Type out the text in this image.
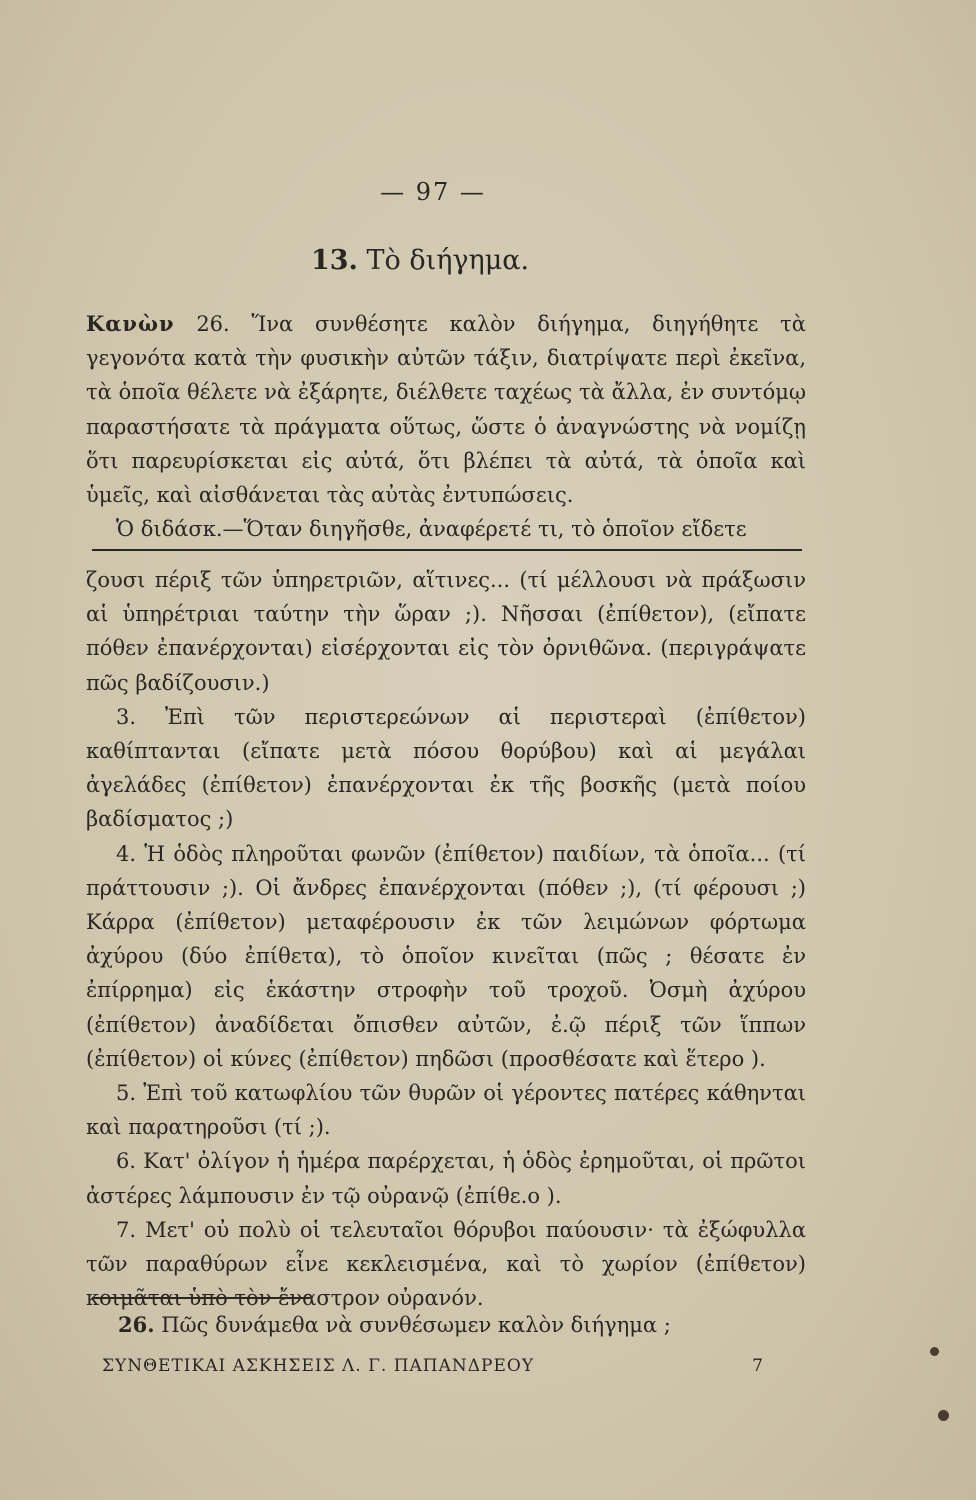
— 97 —
13. Τὸ διήγημα.

Κανὼν 26. Ἵνα συνθέσητε καλὸν διήγημα, διηγήθητε τὰ γεγονότα κατὰ τὴν φυσικὴν αὐτῶν τάξιν, διατρίψατε περὶ ἐκεῖνα, τὰ ὁποῖα θέλετε νὰ ἐξάρητε, διέλθετε ταχέως τὰ ἄλλα, ἐν συντόμῳ παραστήσατε τὰ πράγματα οὕτως, ὥστε ὁ ἀναγνώστης νὰ νομίζῃ ὅτι παρευρίσκεται εἰς αὐτά, ὅτι βλέπει τὰ αὐτά, τὰ ὁποῖα καὶ ὑμεῖς, καὶ αἰσθάνεται τὰς αὐτὰς ἐντυπώσεις.

Ὁ διδάσκ.—Ὅταν διηγῆσθε, ἀναφέρετέ τι, τὸ ὁποῖον εἴδετε

ζουσι πέριξ τῶν ὑπηρετριῶν, αἵτινες... (τί μέλλουσι νὰ πράξωσιν αἱ ὑπηρέτριαι ταύτην τὴν ὥραν ;). Νῆσσαι (ἐπίθετον), (εἴπατε πόθεν ἐπανέρχονται) εἰσέρχονται εἰς τὸν ὀρνιθῶνα. (περιγράψατε πῶς βαδίζουσιν.)

3. Ἐπὶ τῶν περιστερεώνων αἱ περιστεραὶ (ἐπίθετον) καθίπτανται (εἴπατε μετὰ πόσου θορύβου) καὶ αἱ μεγάλαι ἀγελάδες (ἐπίθετον) ἐπανέρχονται ἐκ τῆς βοσκῆς (μετὰ ποίου βαδίσματος ;)

4. Ἡ ὁδὸς πληροῦται φωνῶν (ἐπίθετον) παιδίων, τὰ ὁποῖα... (τί πράττουσιν ;). Οἱ ἄνδρες ἐπανέρχονται (πόθεν ;), (τί φέρουσι ;) Κάρρα (ἐπίθετον) μεταφέρουσιν ἐκ τῶν λειμώνων φόρτωμα ἀχύρου (δύο ἐπίθετα), τὸ ὁποῖον κινεῖται (πῶς ; θέσατε ἐν ἐπίρρημα) εἰς ἑκάστην στροφὴν τοῦ τροχοῦ. Ὀσμὴ ἀχύρου (ἐπίθετον) ἀναδίδεται ὄπισθεν αὐτῶν, ἐ.ῷ πέριξ τῶν ἵππων (ἐπίθετον) οἱ κύνες (ἐπίθετον) πηδῶσι (προσθέσατε καὶ ἕτερο ).

5. Ἐπὶ τοῦ κατωφλίου τῶν θυρῶν οἱ γέροντες πατέρες κάθηνται καὶ παρατηροῦσι (τί ;).

6. Κατ' ὀλίγον ἡ ἡμέρα παρέρχεται, ἡ ὁδὸς ἐρημοῦται, οἱ πρῶτοι ἀστέρες λάμπουσιν ἐν τῷ οὐρανῷ (ἐπίθε.ο ).

7. Μετ' οὐ πολὺ οἱ τελευταῖοι θόρυβοι παύουσιν· τὰ ἐξώφυλλα τῶν παραθύρων εἶνε κεκλεισμένα, καὶ τὸ χωρίον (ἐπίθετον) κοιμᾶται ὑπὸ τὸν ἔναστρον οὐρανόν.

26. Πῶς δυνάμεθα νὰ συνθέσωμεν καλὸν διήγημα ;
ΣΥΝΘΕΤΙΚΑΙ ΑΣΚΗΣΕΙΣ Λ. Γ. ΠΑΠΑΝΔΡΕΟΥ	7
